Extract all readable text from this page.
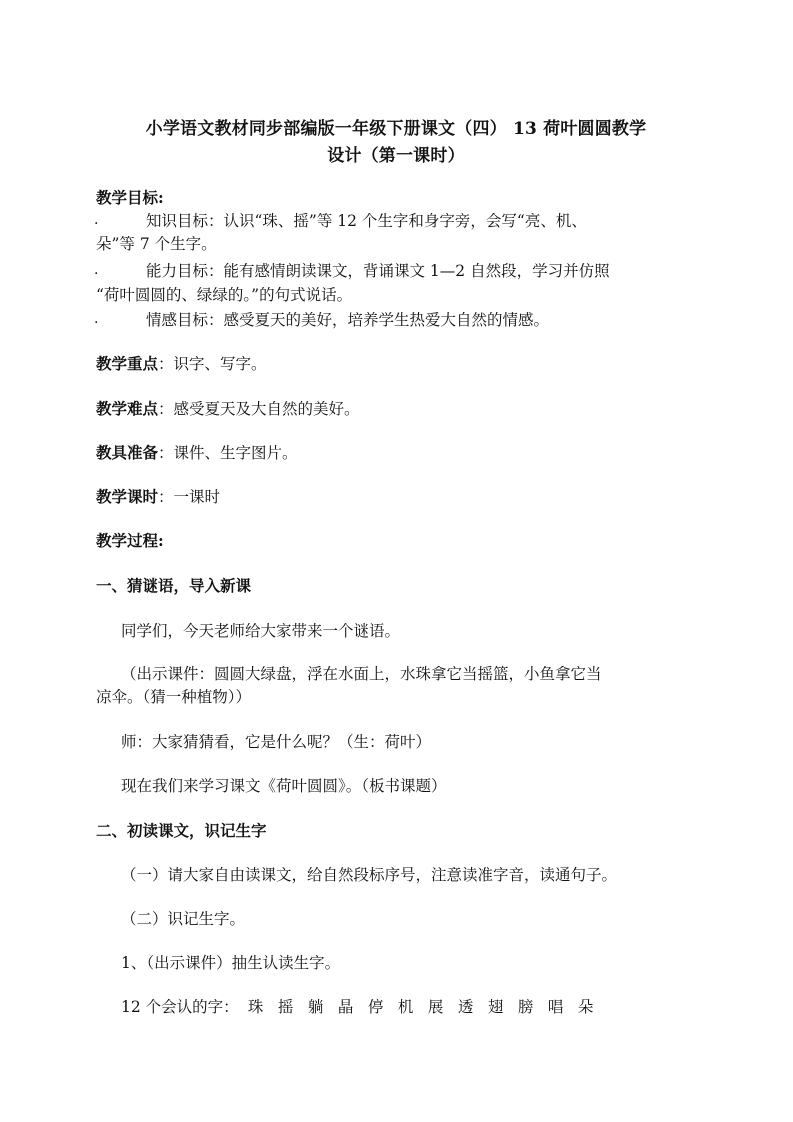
小学语文教材同步部编版一年级下册课文（四） 13 荷叶圆圆教学
设计（第一课时）
教学目标:
.	知识目标：认识“珠、摇”等 12 个生字和身字旁，会写“亮、机、
朵”等 7 个生字。
.	能力目标：能有感情朗读课文，背诵课文 1—2 自然段，学习并仿照
“荷叶圆圆的、绿绿的。”的句式说话。
.	情感目标：感受夏天的美好，培养学生热爱大自然的情感。
教学重点：识字、写字。
教学难点：感受夏天及大自然的美好。
教具准备：课件、生字图片。
教学课时：一课时
教学过程:
一、猜谜语，导入新课
同学们，今天老师给大家带来一个谜语。
（出示课件：圆圆大绿盘，浮在水面上，水珠拿它当摇篮，小鱼拿它当
凉伞。（猜一种植物））
师：大家猜猜看，它是什么呢？（生：荷叶）
现在我们来学习课文《荷叶圆圆》。（板书课题）
二、初读课文，识记生字
（一）请大家自由读课文，给自然段标序号，注意读准字音，读通句子。
（二）识记生字。
1、（出示课件）抽生认读生字。
12 个会认的字： 珠 摇 躺 晶 停 机 展 透 翅 膀 唱 朵
